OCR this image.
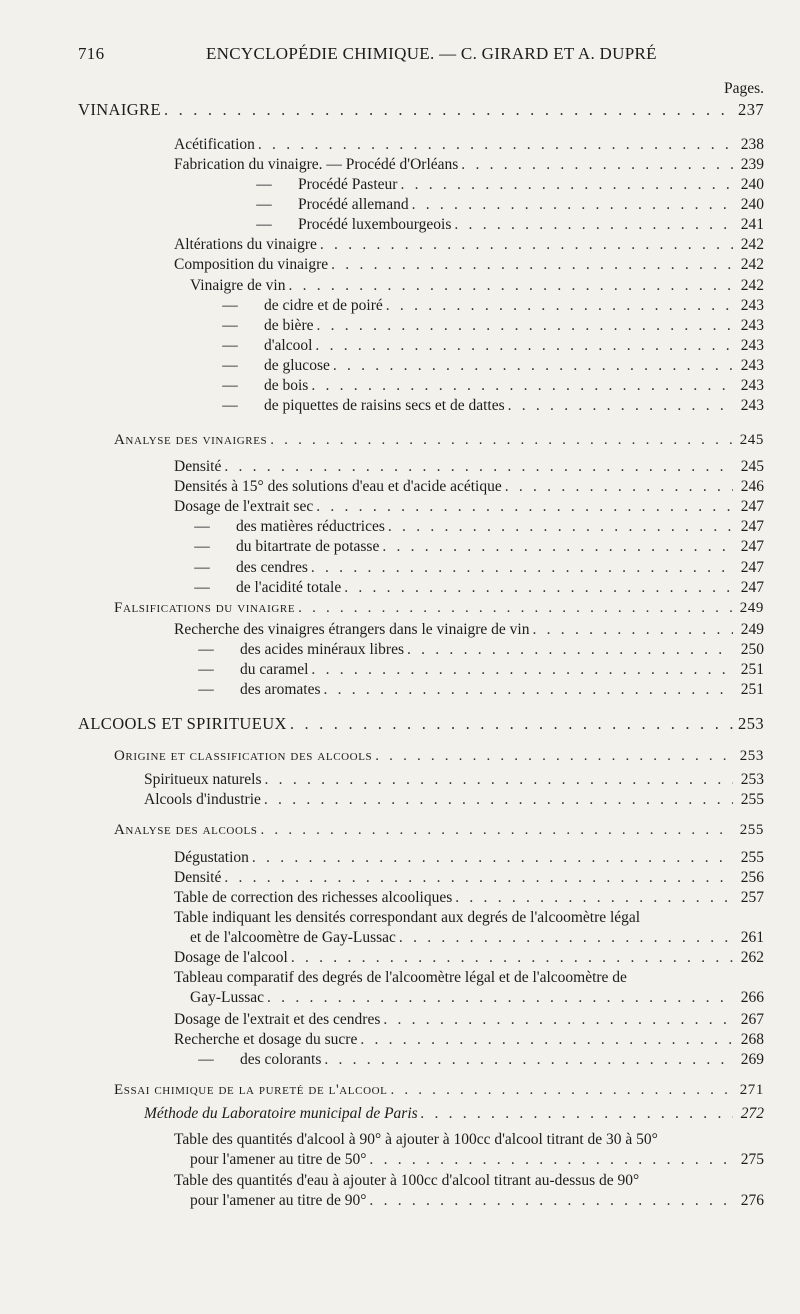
716	ENCYCLOPÉDIE CHIMIQUE. — C. GIRARD ET A. DUPRÉ
Pages.
VINAIGRE . . .	237
Acétification . . .	238
Fabrication du vinaigre. — Procédé d'Orléans . . .	239
— Procédé Pasteur . . .	240
— Procédé allemand . . .	240
— Procédé luxembourgeois . . .	241
Altérations du vinaigre . . .	242
Composition du vinaigre . . .	242
Vinaigre de vin . . .	242
— de cidre et de poiré . . .	243
— de bière . . .	243
— d'alcool . . .	243
— de glucose . . .	243
— de bois . . .	243
— de piquettes de raisins secs et de dattes . . .	243
Analyse des vinaigres . . .	245
Densité . . .	245
Densités à 15° des solutions d'eau et d'acide acétique . . .	246
Dosage de l'extrait sec . . .	247
— des matières réductrices . . .	247
— du bitartrate de potasse . . .	247
— des cendres . . .	247
— de l'acidité totale . . .	247
Falsifications du vinaigre . . .	249
Recherche des vinaigres étrangers dans le vinaigre de vin . . .	249
— des acides minéraux libres . . .	250
— du caramel . . .	251
— des aromates . . .	251
ALCOOLS ET SPIRITUEUX . . .	253
Origine et classification des alcools . . .	253
Spiritueux naturels . . .	253
Alcools d'industrie . . .	255
Analyse des alcools . . .	255
Dégustation . . .	255
Densité . . .	256
Table de correction des richesses alcooliques . . .	257
Table indiquant les densités correspondant aux degrés de l'alcoomètre légal
et de l'alcoomètre de Gay-Lussac . . .	261
Dosage de l'alcool . . .	262
Tableau comparatif des degrés de l'alcoomètre légal et de l'alcoomètre de
Gay-Lussac . . .	266
Dosage de l'extrait et des cendres . . .	267
Recherche et dosage du sucre . . .	268
— des colorants . . .	269
Essai chimique de la pureté de l'alcool . . .	271
Méthode du Laboratoire municipal de Paris . . .	272
Table des quantités d'alcool à 90° à ajouter à 100cc d'alcool titrant de 30 à 50°
pour l'amener au titre de 50° . . .	275
Table des quantités d'eau à ajouter à 100cc d'alcool titrant au-dessus de 90°
pour l'amener au titre de 90° . . .	276
